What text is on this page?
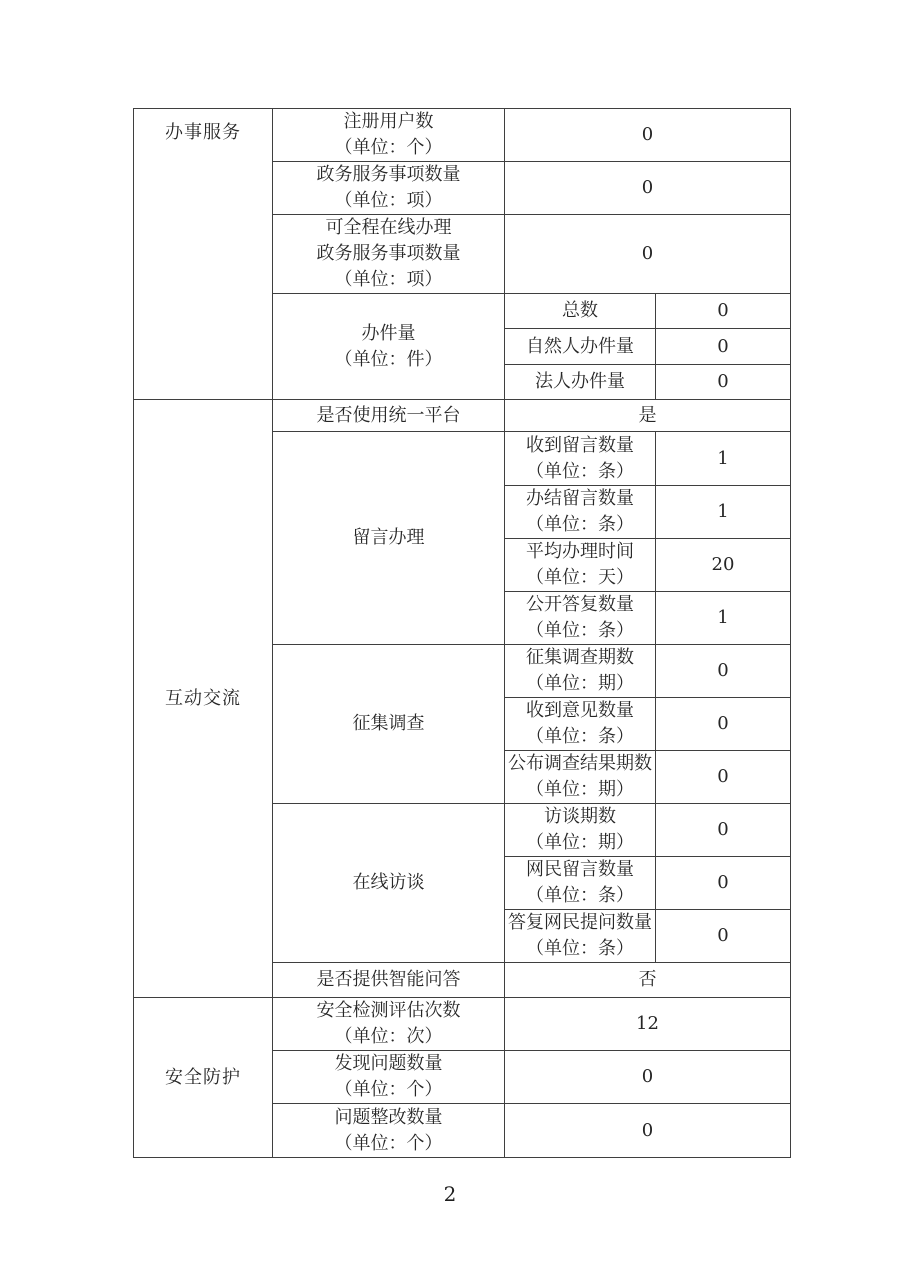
办事服务	注册用户数
（单位：个）	0	

	政务服务事项数量
（单位：项）	0	

	可全程在线办理
政务服务事项数量
（单位：项）	0	

	办件量
（单位：件）	总数	0
		自然人办件量	0
		法人办件量	0
互动交流	是否使用统一平台	是	
	留言办理	收到留言数量
（单位：条）	1

		办结留言数量
（单位：条）	1

		平均办理时间
（单位：天）	20

		公开答复数量
（单位：条）	1
	征集调查	征集调查期数
（单位：期）	0

		收到意见数量
（单位：条）	0

		公布调查结果期数
（单位：期）	0
	在线访谈	访谈期数
（单位：期）	0

		网民留言数量
（单位：条）	0

		答复网民提问数量
（单位：条）	0
	是否提供智能问答	否	
安全防护	安全检测评估次数
（单位：次）	12	

	发现问题数量
（单位：个）	0	

	问题整改数量
（单位：个）	0	
2
